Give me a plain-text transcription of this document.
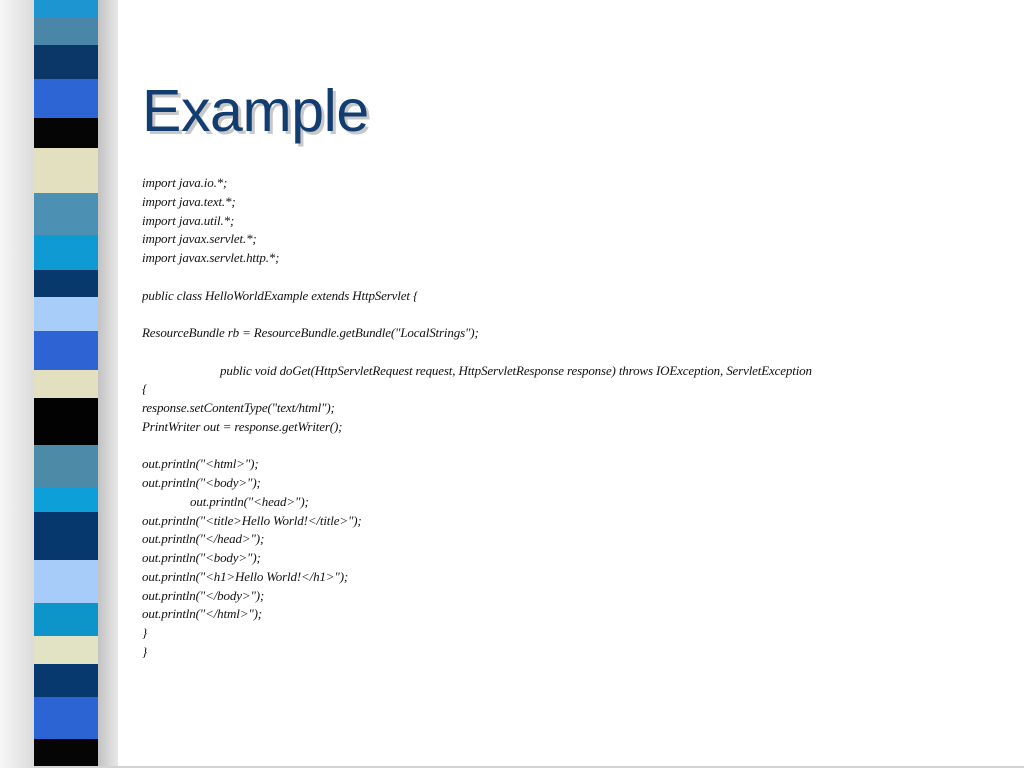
Example
import java.io.*;
import java.text.*;
import java.util.*;
import javax.servlet.*;
import javax.servlet.http.*;
public class HelloWorldExample extends HttpServlet {
ResourceBundle rb = ResourceBundle.getBundle("LocalStrings");
public void doGet(HttpServletRequest request, HttpServletResponse response) throws IOException, ServletException
{
response.setContentType("text/html");
PrintWriter out = response.getWriter();
out.println("<html>");
out.println("<body>");
out.println("<head>");
out.println("<title>Hello World!</title>");
out.println("</head>");
out.println("<body>");
out.println("<h1>Hello World!</h1>");
out.println("</body>");
out.println("</html>");
}
}
